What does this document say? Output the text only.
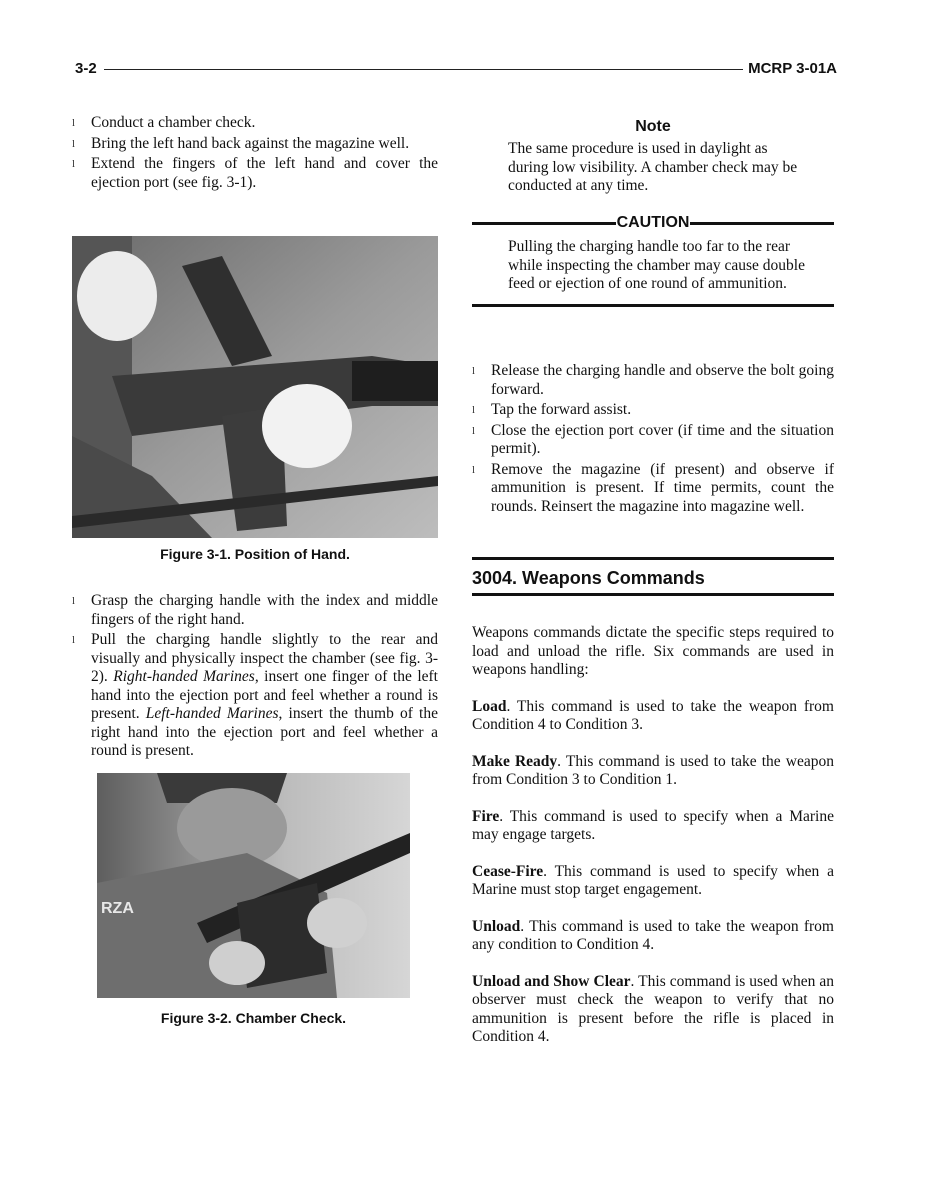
3-2	MCRP 3-01A
l Conduct a chamber check.
l Bring the left hand back against the magazine well.
l Extend the fingers of the left hand and cover the ejection port (see fig. 3-1).
Figure 3-1. Position of Hand.
l Grasp the charging handle with the index and middle fingers of the right hand.
l Pull the charging handle slightly to the rear and visually and physically inspect the chamber (see fig. 3-2). Right-handed Marines, insert one finger of the left hand into the ejection port and feel whether a round is present. Left-handed Marines, insert the thumb of the right hand into the ejection port and feel whether a round is present.
RZA
Figure 3-2. Chamber Check.
Note

The same procedure is used in daylight as during low visibility. A chamber check may be conducted at any time.

CAUTION

Pulling the charging handle too far to the rear while inspecting the chamber may cause double feed or ejection of one round of ammunition.

l Release the charging handle and observe the bolt going forward.
l Tap the forward assist.
l Close the ejection port cover (if time and the situation permit).
l Remove the magazine (if present) and observe if ammunition is present. If time permits, count the rounds. Reinsert the magazine into magazine well.
3004. Weapons Commands

Weapons commands dictate the specific steps required to load and unload the rifle. Six commands are used in weapons handling:

Load. This command is used to take the weapon from Condition 4 to Condition 3.

Make Ready. This command is used to take the weapon from Condition 3 to Condition 1.

Fire. This command is used to specify when a Marine may engage targets.

Cease-Fire. This command is used to specify when a Marine must stop target engagement.

Unload. This command is used to take the weapon from any condition to Condition 4.

Unload and Show Clear. This command is used when an observer must check the weapon to verify that no ammunition is present before the rifle is placed in Condition 4.
